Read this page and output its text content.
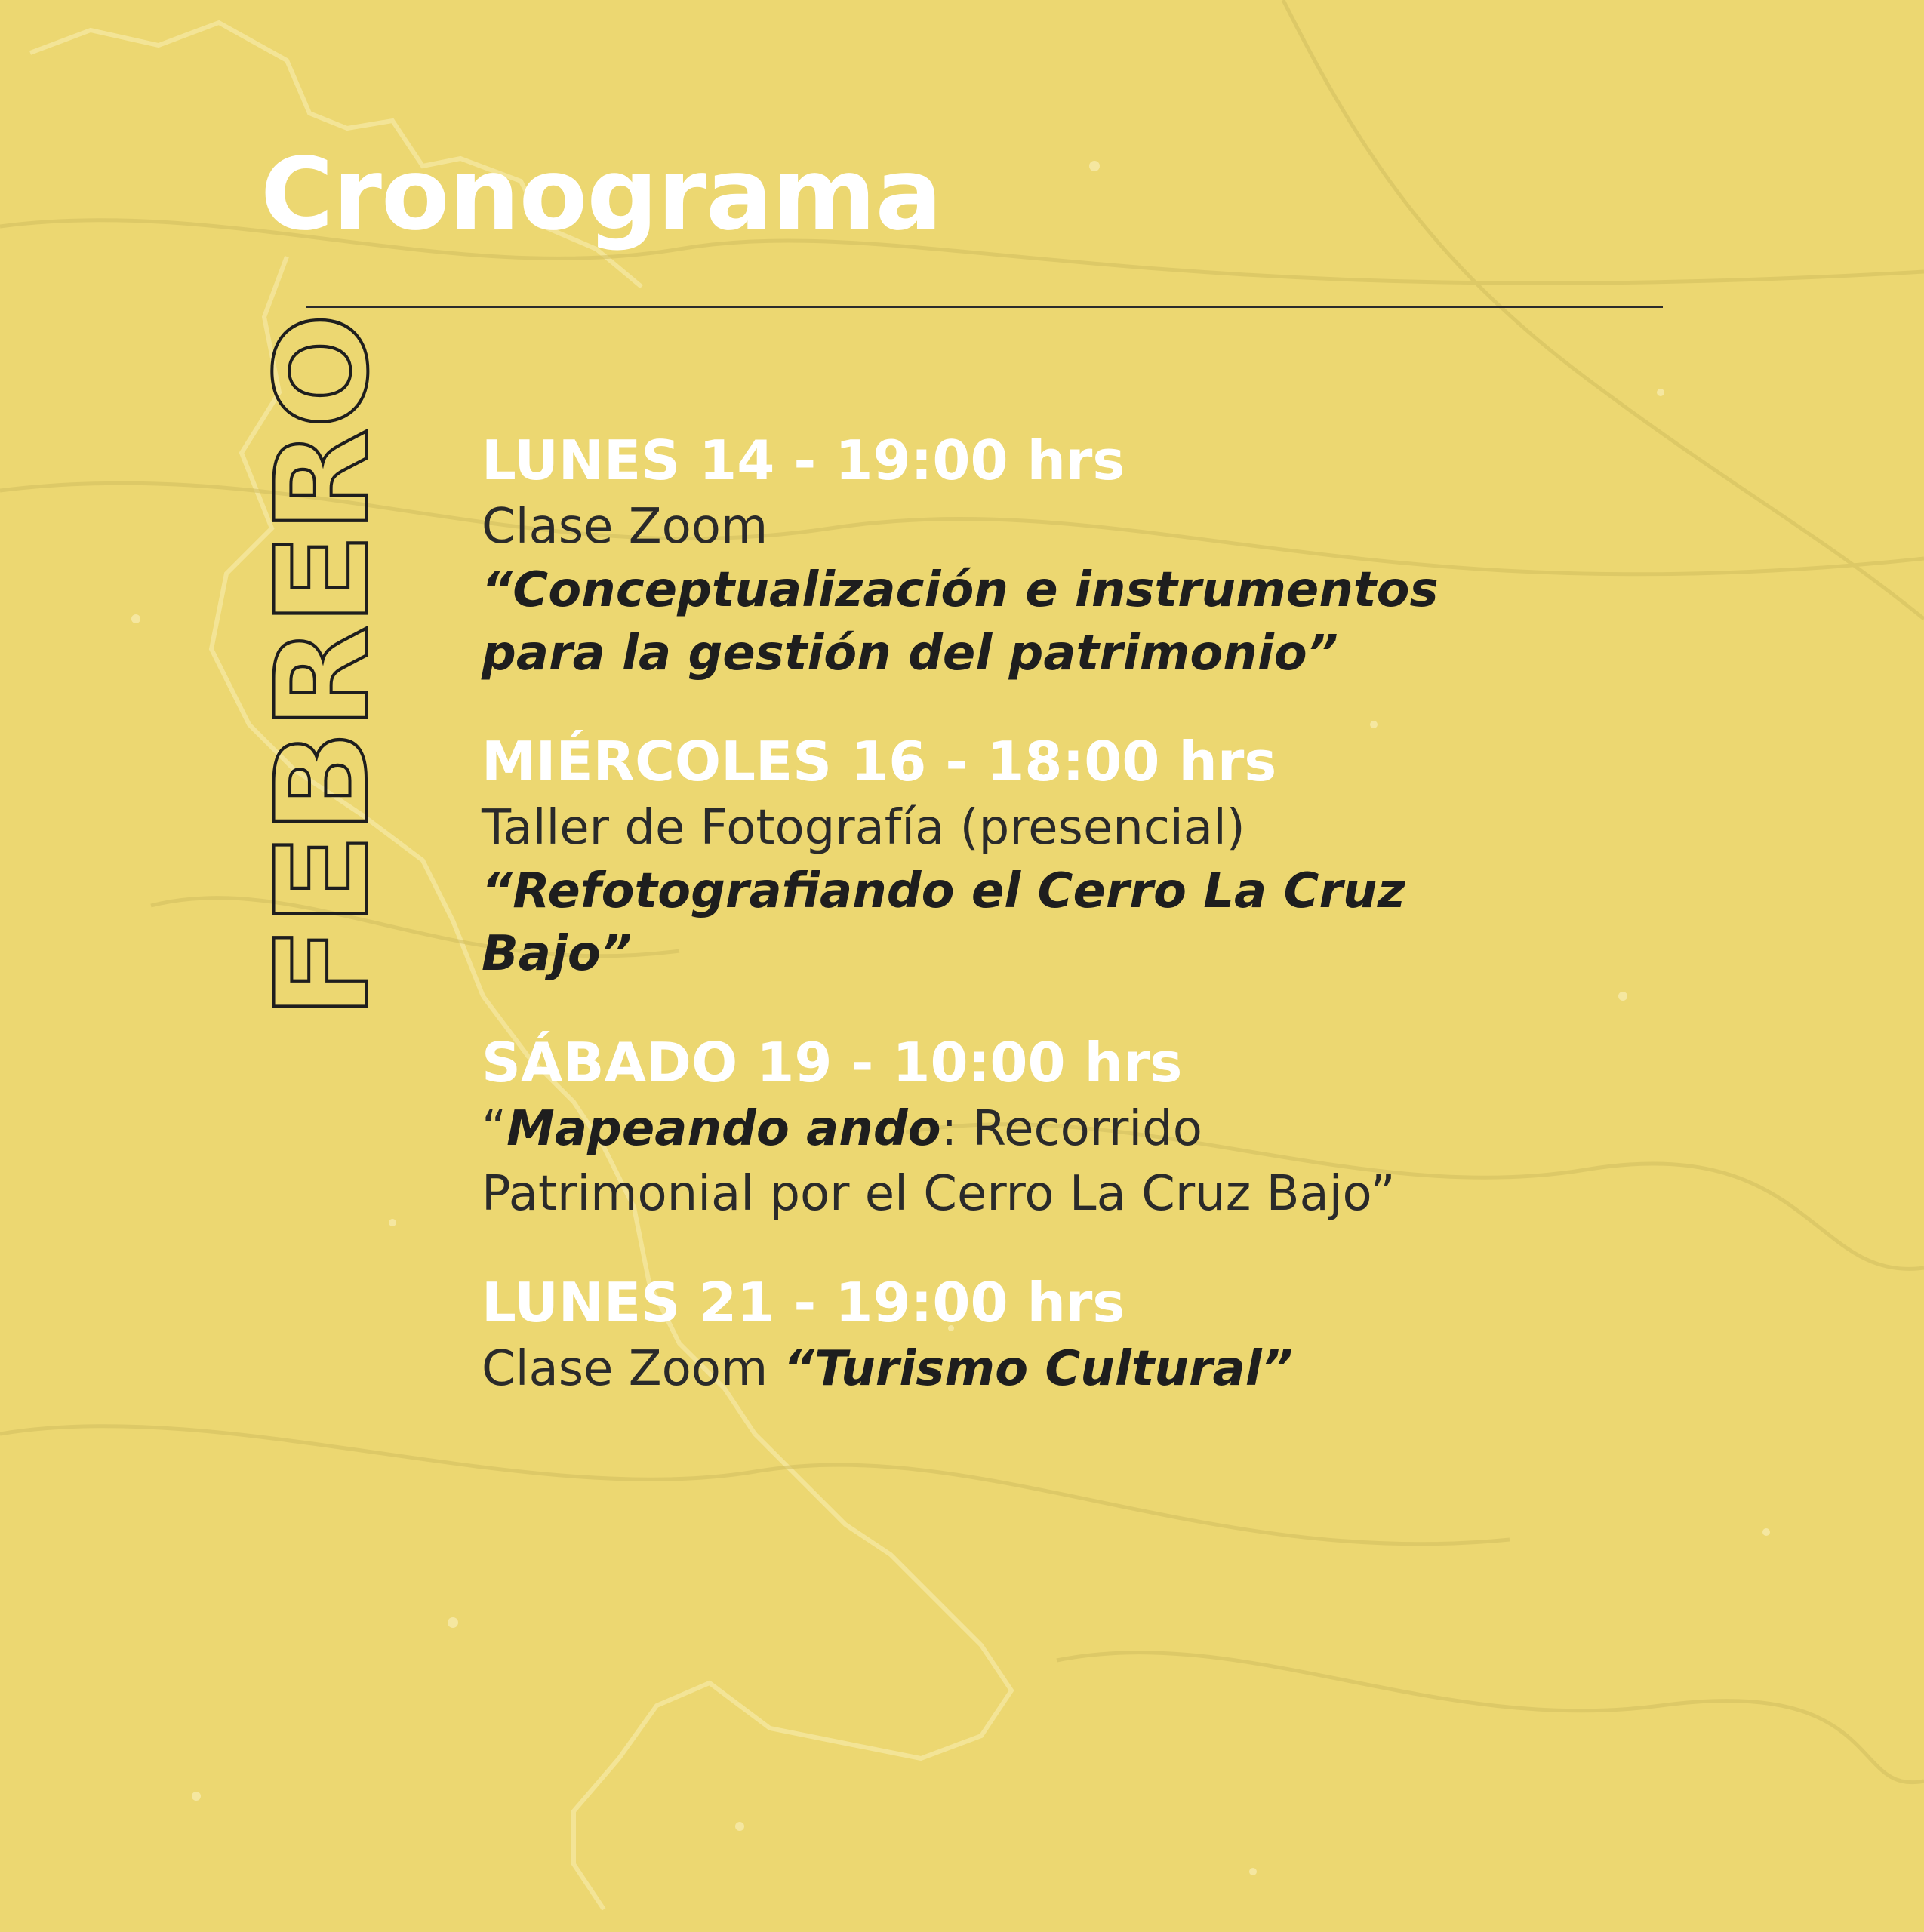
Cronograma
FEBRERO LUNES 14 - 19:00 hrs
Clase Zoom
“Conceptualización e instrumentos
para la gestión del patrimonio”
MIÉRCOLES 16 - 18:00 hrs
Taller de Fotografía (presencial)
“Refotografiando el Cerro La Cruz
Bajo”
SÁBADO 19 - 10:00 hrs
“Mapeando ando: Recorrido
Patrimonial por el Cerro La Cruz Bajo”
LUNES 21 - 19:00 hrs
Clase Zoom “Turismo Cultural”
